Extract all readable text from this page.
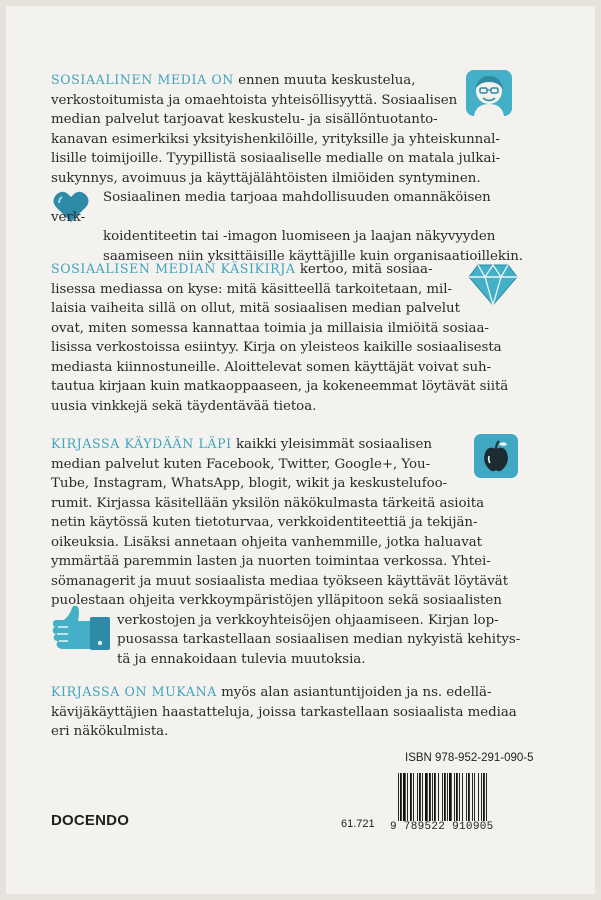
SOSIAALINEN MEDIA ON ennen muuta keskustelua,
verkostoitumista ja omaehtoista yhteisöllisyyttä. Sosiaalisen
median palvelut tarjoavat keskustelu- ja sisällöntuotanto-
kanavan esimerkiksi yksityishenkilöille, yrityksille ja yhteiskunnal-
lisille toimijoille. Tyypillistä sosiaaliselle medialle on matala julkai-
sukynnys, avoimuus ja käyttäjälähtöisten ilmiöiden syntyminen.
Sosiaalinen media tarjoaa mahdollisuuden omannäköisen verk-
koidentiteetin tai -imagon luomiseen ja laajan näkyvyyden
saamiseen niin yksittäisille käyttäjille kuin organisaatioillekin.

SOSIAALISEN MEDIAN KÄSIKIRJA kertoo, mitä sosiaa-
lisessa mediassa on kyse: mitä käsitteellä tarkoitetaan, mil-
laisia vaiheita sillä on ollut, mitä sosiaalisen median palvelut
ovat, miten somessa kannattaa toimia ja millaisia ilmiöitä sosiaa-
lisissa verkostoissa esiintyy. Kirja on yleisteos kaikille sosiaalisesta
mediasta kiinnostuneille. Aloittelevat somen käyttäjät voivat suh-
tautua kirjaan kuin matkaoppaaseen, ja kokeneemmat löytävät siitä
uusia vinkkejä sekä täydentävää tietoa.

KIRJASSA KÄYDÄÄN LÄPI kaikki yleisimmät sosiaalisen
median palvelut kuten Facebook, Twitter, Google+, You-
Tube, Instagram, WhatsApp, blogit, wikit ja keskustelufoo-
rumit. Kirjassa käsitellään yksilön näkökulmasta tärkeitä asioita
netin käytössä kuten tietoturvaa, verkkoidentiteettiä ja tekijän-
oikeuksia. Lisäksi annetaan ohjeita vanhemmille, jotka haluavat
ymmärtää paremmin lasten ja nuorten toimintaa verkossa. Yhtei-
sömanagerit ja muut sosiaalista mediaa työkseen käyttävät löytävät
puolestaan ohjeita verkkoympäristöjen ylläpitoon sekä sosiaalisten
verkostojen ja verkkoyhteisöjen ohjaamiseen. Kirjan lop-
puosassa tarkastellaan sosiaalisen median nykyistä kehitys-
tä ja ennakoidaan tulevia muutoksia.

KIRJASSA ON MUKANA myös alan asiantuntijoiden ja ns. edellä-
kävijäkäyttäjien haastatteluja, joissa tarkastellaan sosiaalista mediaa
eri näkökulmista.

DOCENDO	61.721
ISBN 978-952-291-090-5
9 789522 910905
